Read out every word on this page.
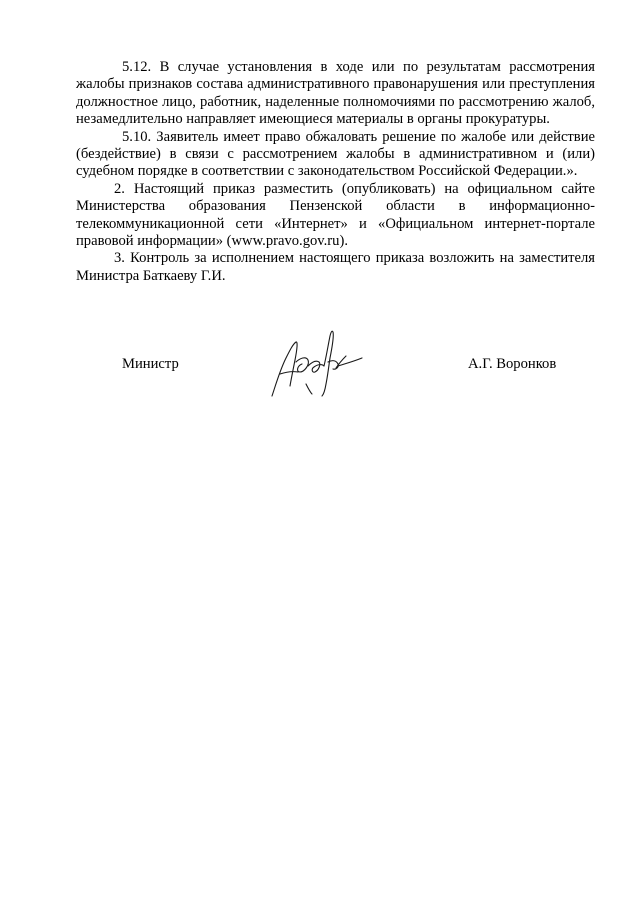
5.12. В случае установления в ходе или по результатам рассмотрения жалобы признаков состава административного правонарушения или преступления должностное лицо, работник, наделенные полномочиями по рассмотрению жалоб, незамедлительно направляет имеющиеся материалы в органы прокуратуры.

5.10. Заявитель имеет право обжаловать решение по жалобе или действие (бездействие) в связи с рассмотрением жалобы в административном и (или) судебном порядке в соответствии с законодательством Российской Федерации.».

2. Настоящий приказ разместить (опубликовать) на официальном сайте Министерства образования Пензенской области в информационно-телекоммуникационной сети «Интернет» и «Официальном интернет-портале правовой информации» (www.pravo.gov.ru).

3. Контроль за исполнением настоящего приказа возложить на заместителя Министра Баткаеву Г.И.

Министр	А.Г. Воронков
